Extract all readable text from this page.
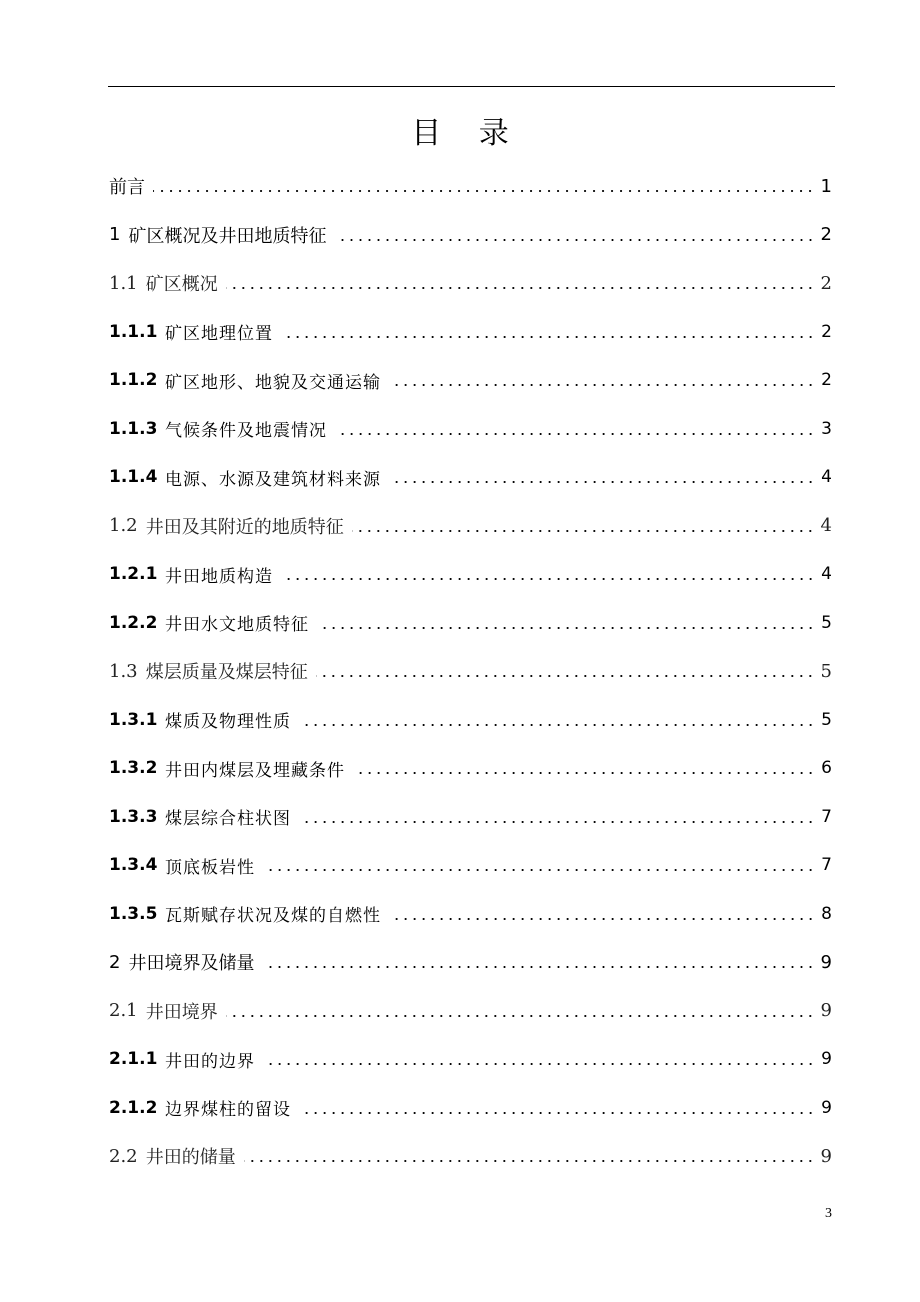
目 录
前言	1
1 矿区概况及井田地质特征	2
1.1 矿区概况	2
1.1.1 矿区地理位置	2
1.1.2 矿区地形、地貌及交通运输	2
1.1.3 气候条件及地震情况	3
1.1.4 电源、水源及建筑材料来源	4
1.2 井田及其附近的地质特征	4
1.2.1 井田地质构造	4
1.2.2 井田水文地质特征	5
1.3 煤层质量及煤层特征	5
1.3.1 煤质及物理性质	5
1.3.2 井田内煤层及埋藏条件	6
1.3.3 煤层综合柱状图	7
1.3.4 顶底板岩性	7
1.3.5 瓦斯赋存状况及煤的自燃性	8
2 井田境界及储量	9
2.1 井田境界	9
2.1.1 井田的边界	9
2.1.2 边界煤柱的留设	9
2.2 井田的储量	9
3
